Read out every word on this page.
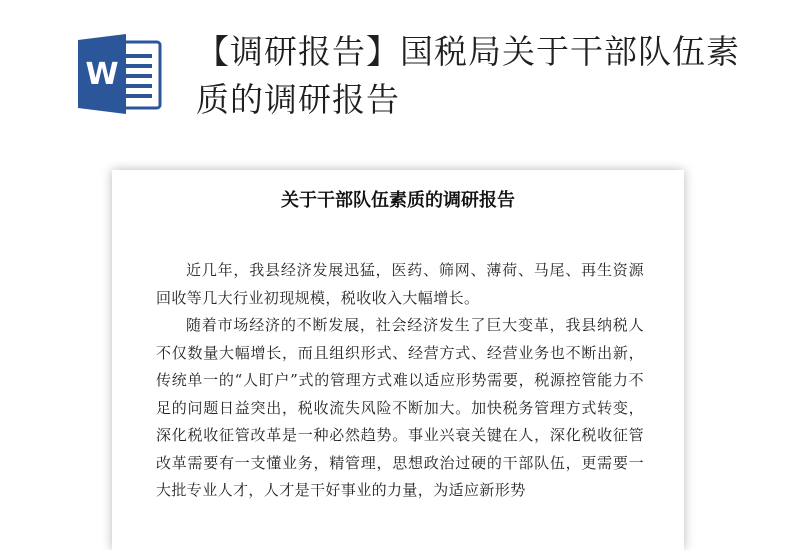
W
【调研报告】国税局关于干部队伍素质的调研报告
关于干部队伍素质的调研报告

近几年，我县经济发展迅猛，医药、筛网、薄荷、马尾、再生资源回收等几大行业初现规模，税收收入大幅增长。

随着市场经济的不断发展，社会经济发生了巨大变革，我县纳税人不仅数量大幅增长，而且组织形式、经营方式、经营业务也不断出新，传统单一的“人盯户”式的管理方式难以适应形势需要，税源控管能力不足的问题日益突出，税收流失风险不断加大。加快税务管理方式转变，深化税收征管改革是一种必然趋势。事业兴衰关键在人，深化税收征管改革需要有一支懂业务，精管理，思想政治过硬的干部队伍，更需要一大批专业人才，人才是干好事业的力量，为适应新形势
